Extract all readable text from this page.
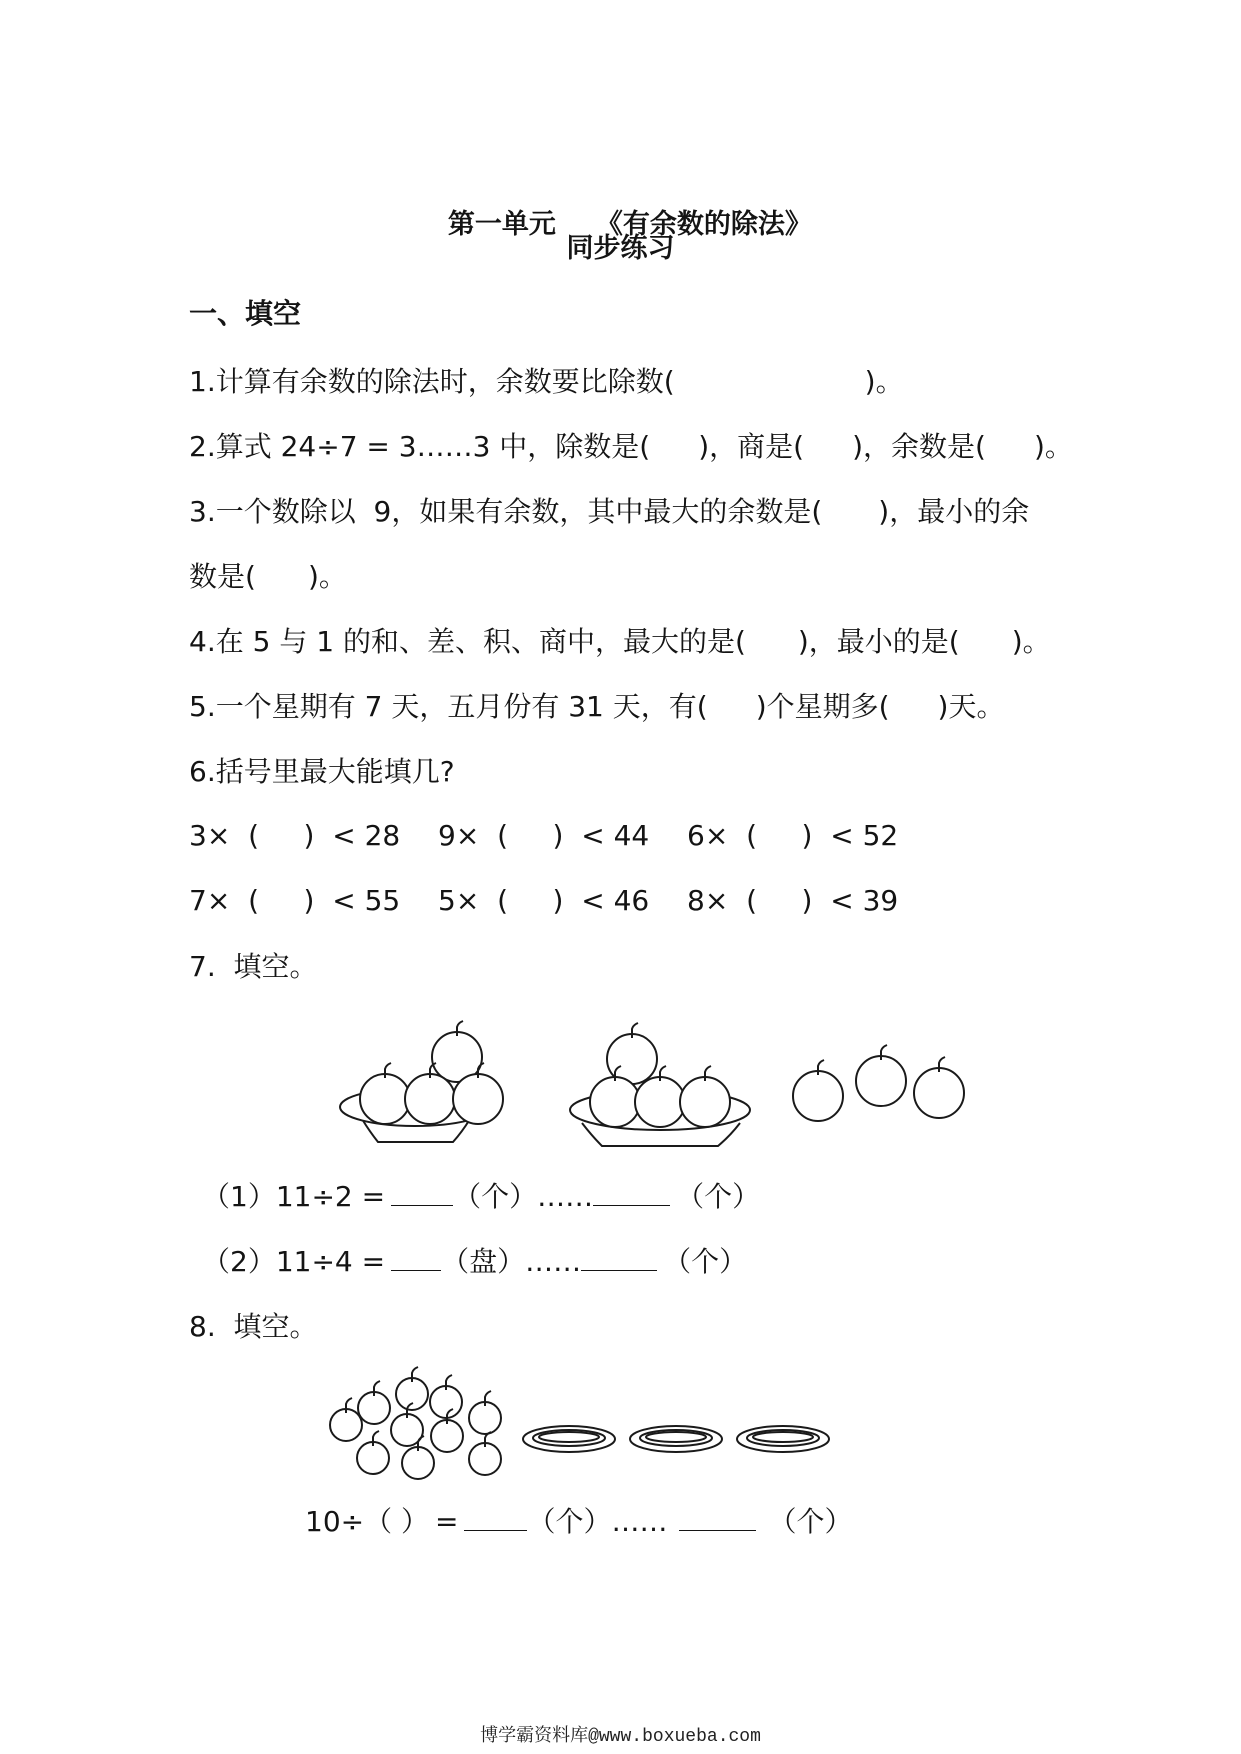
第一单元 《有余数的除法》

同步练习
一、填空
1.计算有余数的除法时，余数要比除数(	)。
2.算式 24÷7 = 3……3 中，除数是( )，商是( )，余数是( )。
3.一个数除以  9，如果有余数，其中最大的余数是( )，最小的余
数是( )。
4.在 5 与 1 的和、差、积、商中，最大的是( )，最小的是( )。
5.一个星期有 7 天，五月份有 31 天，有( )个星期多( )天。
6.括号里最大能填几?
3×  (     )  < 28 9×  (     )  < 44 6×  (     )  < 52
7×  (     )  < 55 5×  (     )  < 46 8×  (     )  < 39
7.  填空。
（1）11÷2 = （个）……	（个）
（2）11÷4 = （盘）……	（个）
8.  填空。
10÷（ ） = （个）……	（个）
博学霸资料库@www.boxueba.com
